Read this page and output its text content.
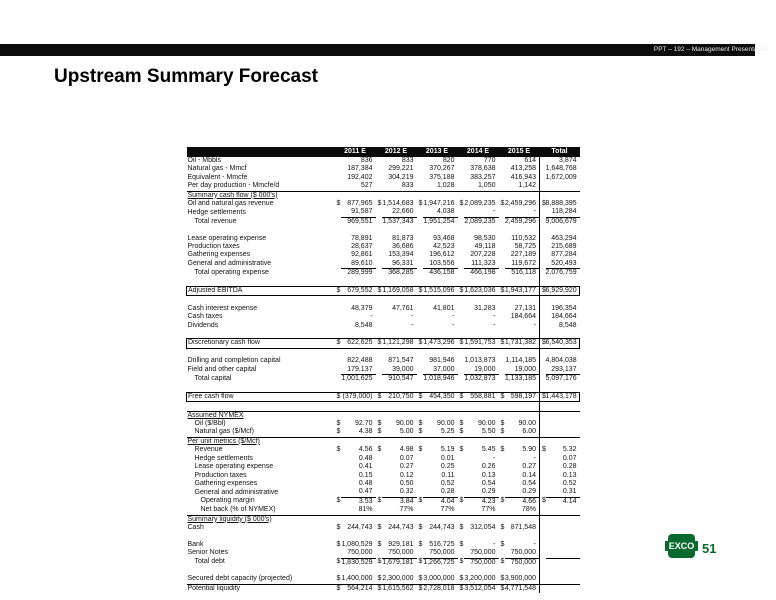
PPT – 192 – Management Presentation
Upstream Summary Forecast
	2011 E		2012 E		2013 E		2014 E		2015 E		Total	
Oil - Mbbls		836		833		820		770		614		3,874
Natural gas - Mmcf		187,384		299,221		370,267		378,638		413,258		1,648,768
Equivalent - Mmcfe		192,402		304,219		375,188		383,257		416,943		1,672,009
Per day production - Mmcfe/d		527		833		1,028		1,050		1,142		
Summary cash flow ($ 000's)												
Oil and natural gas revenue	$	877,965	$	1,514,683	$	1,947,216	$	2,089,235	$	2,459,296	$	8,888,395
Hedge settlements		91,587		22,660		4,038		-		-		118,284
Total revenue		969,551		1,537,343		1,951,254		2,089,235		2,459,296		9,006,679

Lease operating expense		78,891		81,873		93,468		98,530		110,532		463,294
Production taxes		28,637		36,686		42,523		49,118		58,725		215,689
Gathering expenses		92,861		153,394		196,612		207,228		227,189		877,284
General and administrative		89,610		96,331		103,556		111,323		119,672		520,493
Total operating expense		289,999		368,285		436,158		466,198		516,118		2,076,759

Adjusted EBITDA	$	679,552	$	1,169,058	$	1,515,096	$	1,623,036	$	1,943,177	$	6,929,920

Cash interest expense		48,379		47,761		41,801		31,283		27,131		196,354
Cash taxes		-		-		-		-		184,664		184,664
Dividends		8,548		-		-		-		-		8,548

Discretionary cash flow	$	622,625	$	1,121,298	$	1,473,296	$	1,591,753	$	1,731,382	$	6,540,353

Drilling and completion capital		822,488		871,547		981,946		1,013,873		1,114,185		4,804,038
Field and other capital		179,137		39,000		37,000		19,000		19,000		293,137
Total capital		1,001,625		910,547		1,018,946		1,032,873		1,133,185		5,097,176

Free cash flow	$	(379,000)	$	210,750	$	454,350	$	558,881	$	598,197	$	1,443,178

Assumed NYMEX												
Oil ($/Bbl)	$	92.70	$	90.00	$	90.00	$	90.00	$	90.00		
Natural gas ($/Mcf)	$	4.38	$	5.00	$	5.25	$	5.50	$	6.00		
Per unit metrics ($/Mcf)												
Revenue	$	4.56	$	4.98	$	5.19	$	5.45	$	5.90	$	5.32
Hedge settlements		0.48		0.07		0.01		-		-		0.07
Lease operating expense		0.41		0.27		0.25		0.26		0.27		0.28
Production taxes		0.15		0.12		0.11		0.13		0.14		0.13
Gathering expenses		0.48		0.50		0.52		0.54		0.54		0.52
General and administrative		0.47		0.32		0.28		0.29		0.29		0.31
Operating margin	$	3.53	$	3.84	$	4.04	$	4.23	$	4.66	$	4.14
Net back (% of NYMEX)		81%		77%		77%		77%		78%		
Summary liquidity ($ 000's)												
Cash	$	244,743	$	244,743	$	244,743	$	312,054	$	871,548		

Bank	$	1,080,529	$	929,181	$	516,725	$	-	$	-		
Senior Notes		750,000		750,000		750,000		750,000		750,000		
Total debt	$	1,830,529	$	1,679,181	$	1,266,725	$	750,000	$	750,000		

Secured debt capacity (projected)	$	1,400,000	$	2,300,000	$	3,000,000	$	3,200,000	$	3,900,000		
Potential liquidity	$	564,214	$	1,615,562	$	2,728,018	$	3,512,054	$	4,771,548		
EXCO 51
